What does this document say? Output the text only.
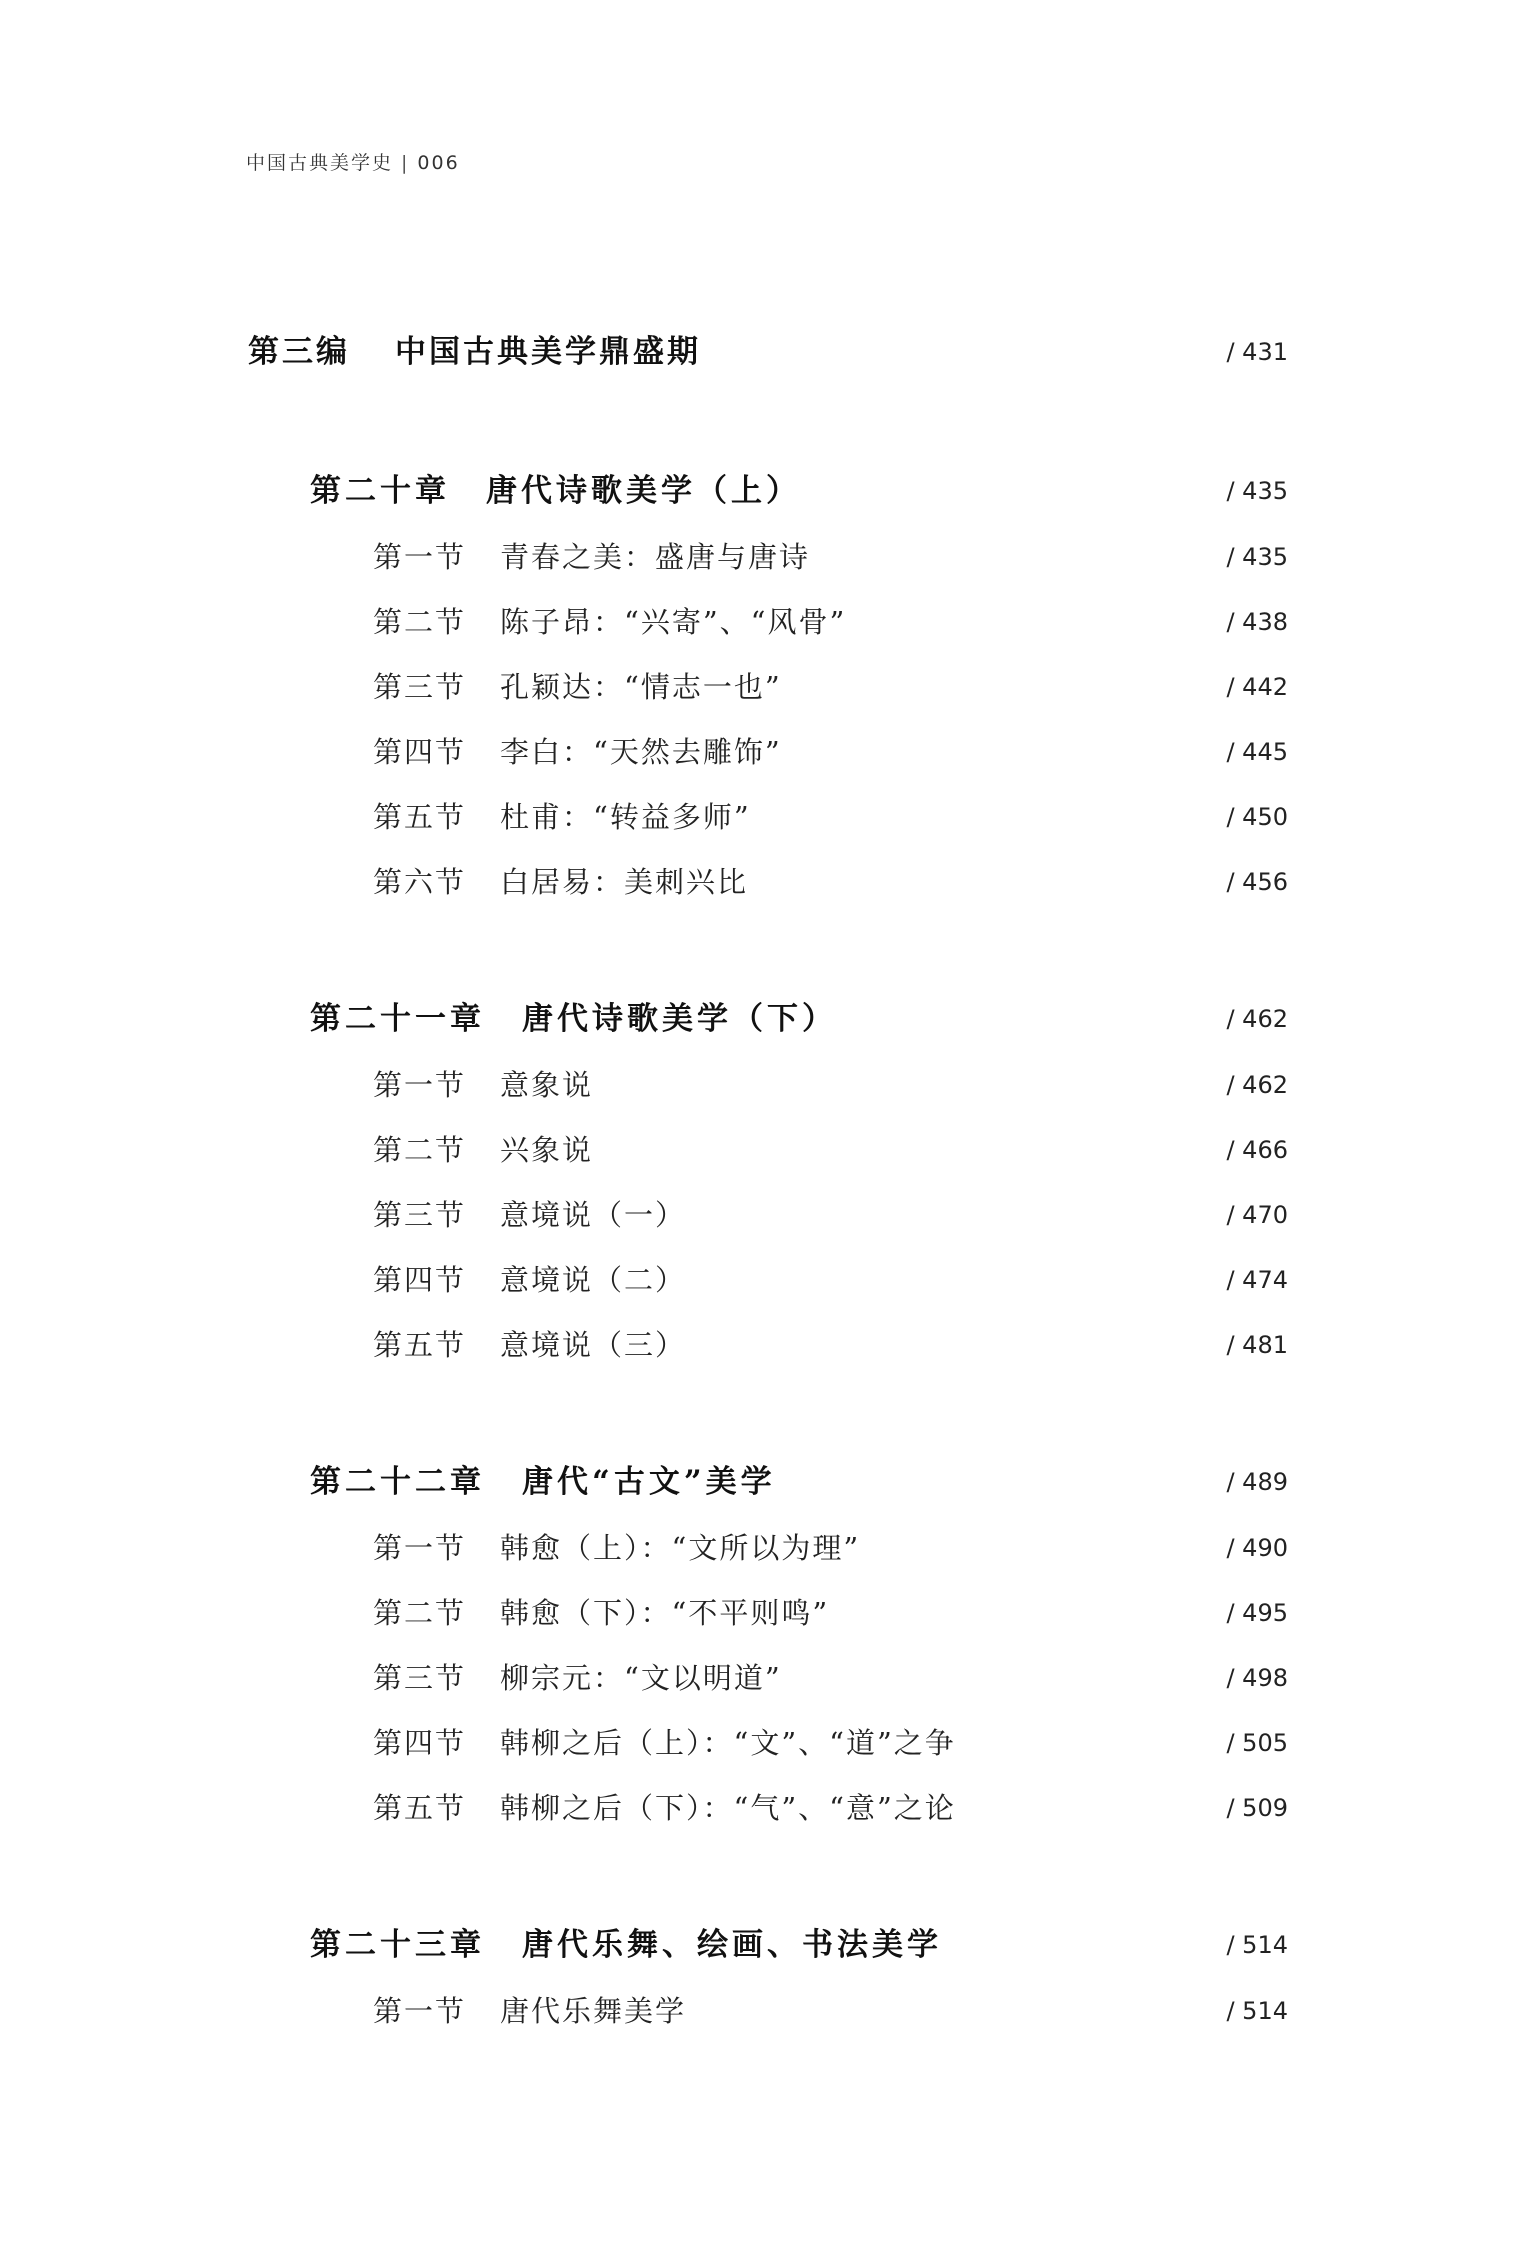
中国古典美学史 | 006
第三编 中国古典美学鼎盛期	/ 431
第二十章 唐代诗歌美学（上）	/ 435
第一节 青春之美：盛唐与唐诗	/ 435
第二节 陈子昂：“兴寄”、“风骨”	/ 438
第三节 孔颖达：“情志一也”	/ 442
第四节 李白：“天然去雕饰”	/ 445
第五节 杜甫：“转益多师”	/ 450
第六节 白居易：美刺兴比	/ 456
第二十一章 唐代诗歌美学（下）	/ 462
第一节 意象说	/ 462
第二节 兴象说	/ 466
第三节 意境说（一）	/ 470
第四节 意境说（二）	/ 474
第五节 意境说（三）	/ 481
第二十二章 唐代“古文”美学	/ 489
第一节 韩愈（上）：“文所以为理”	/ 490
第二节 韩愈（下）：“不平则鸣”	/ 495
第三节 柳宗元：“文以明道”	/ 498
第四节 韩柳之后（上）：“文”、“道”之争	/ 505
第五节 韩柳之后（下）：“气”、“意”之论	/ 509
第二十三章 唐代乐舞、绘画、书法美学	/ 514
第一节 唐代乐舞美学	/ 514
